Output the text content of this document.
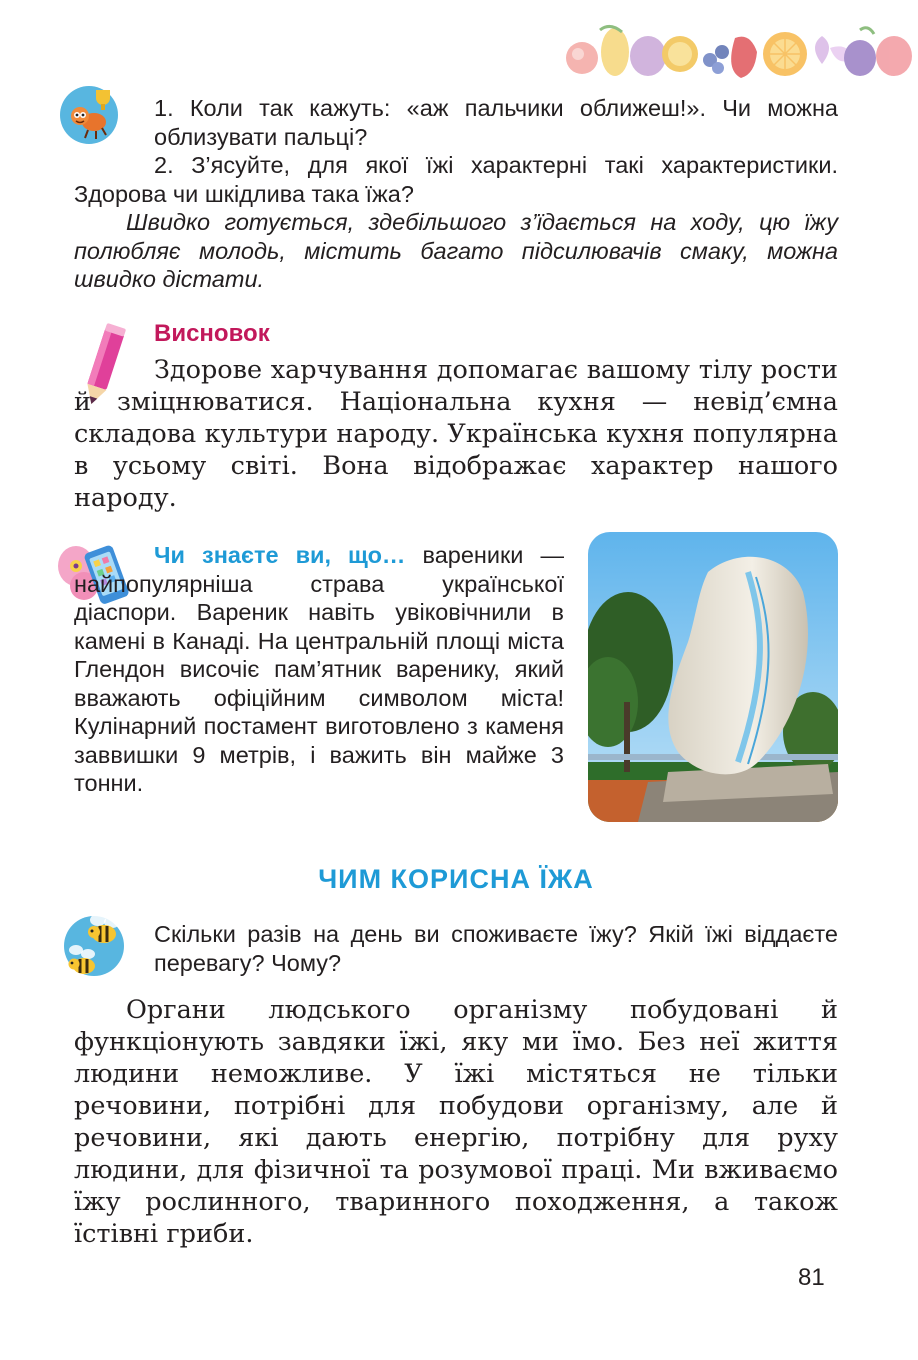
1. Коли так кажуть: «аж пальчики оближеш!». Чи можна облизувати пальці?

2. З’ясуйте, для якої їжі характерні такі характеристики. Здорова чи шкідлива така їжа?

Швидко готується, здебільшого з’їдається на ходу, цю їжу полюбляє молодь, містить багато підсилювачів смаку, можна швидко дістати.

Висновок

Здорове харчування допомагає вашому тілу рости й зміцнюватися. Національна кухня — невід’ємна складова культури народу. Українська кухня популярна в усьому світі. Вона відображає характер нашого народу.

Чи знаєте ви, що… вареники — найпопулярніша страва української діаспори. Вареник навіть увіковічнили в камені в Канаді. На центральній площі міста Глендон височіє пам’ятник варенику, який вважають офіційним символом міста! Кулінарний постамент виготовлено з каменя заввишки 9 метрів, і важить він майже 3 тонни.

ЧИМ КОРИСНА ЇЖА

Скільки разів на день ви споживаєте їжу? Якій їжі віддаєте перевагу? Чому?

Органи людського організму побудовані й функціонують завдяки їжі, яку ми їмо. Без неї життя людини неможливе. У їжі містяться не тільки речовини, потрібні для побудови організму, але й речовини, які дають енергію, потрібну для руху людини, для фізичної та розумової праці. Ми вживаємо їжу рослинного, тваринного походження, а також їстівні гриби.

81
